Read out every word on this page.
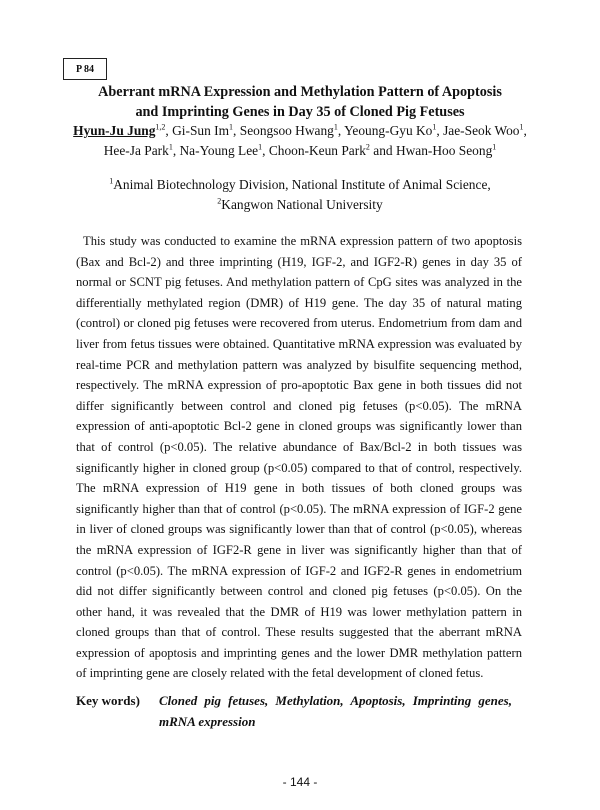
P 84
Aberrant mRNA Expression and Methylation Pattern of Apoptosis
and Imprinting Genes in Day 35 of Cloned Pig Fetuses
Hyun-Ju Jung$^{1,2}$, Gi-Sun Im$^1$, Seongsoo Hwang$^1$, Yeoung-Gyu Ko$^1$, Jae-Seok Woo$^1$, Hee-Ja Park$^1$, Na-Young Lee$^1$, Choon-Keun Park$^2$ and Hwan-Hoo Seong$^1$
$^1$Animal Biotechnology Division, National Institute of Animal Science,
$^2$Kangwon National University

This study was conducted to examine the mRNA expression pattern of two apoptosis (Bax and Bcl-2) and three imprinting (H19, IGF-2, and IGF2-R) genes in day 35 of normal or SCNT pig fetuses. And methylation pattern of CpG sites was analyzed in the differentially methylated region (DMR) of H19 gene. The day 35 of natural mating (control) or cloned pig fetuses were recovered from uterus. Endometrium from dam and liver from fetus tissues were obtained. Quantitative mRNA expression was evaluated by real-time PCR and methylation pattern was analyzed by bisulfite sequencing method, respectively. The mRNA expression of pro-apoptotic Bax gene in both tissues did not differ significantly between control and cloned pig fetuses (p<0.05). The mRNA expression of anti-apoptotic Bcl-2 gene in cloned groups was significantly lower than that of control (p<0.05). The relative abundance of Bax/Bcl-2 in both tissues was significantly higher in cloned group (p<0.05) compared to that of control, respectively. The mRNA expression of H19 gene in both tissues of both cloned groups was significantly higher than that of control (p<0.05). The mRNA expression of IGF-2 gene in liver of cloned groups was significantly lower than that of control (p<0.05), whereas the mRNA expression of IGF2-R gene in liver was significantly higher than that of control (p<0.05). The mRNA expression of IGF-2 and IGF2-R genes in endometrium did not differ significantly between control and cloned pig fetuses (p<0.05). On the other hand, it was revealed that the DMR of H19 was lower methylation pattern in cloned groups than that of control. These results suggested that the aberrant mRNA expression of apoptosis and imprinting genes and the lower DMR methylation pattern of imprinting gene are closely related with the fetal development of cloned fetus.

Key words)	Cloned pig fetuses, Methylation, Apoptosis, Imprinting genes, mRNA expression
- 144 -
